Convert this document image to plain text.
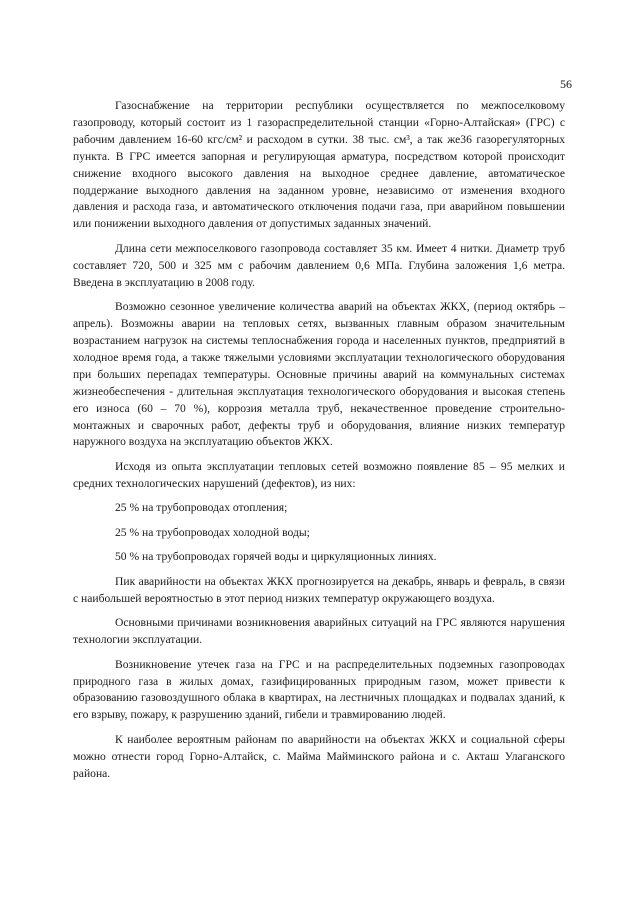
56

Газоснабжение на территории республики осуществляется по межпоселковому газопроводу, который состоит из 1 газораспределительной станции «Горно-Алтайская» (ГРС) с рабочим давлением 16-60 кгс/см² и расходом в сутки. 38 тыс. см³, а так же36 газорегуляторных пункта. В ГРС имеется запорная и регулирующая арматура, посредством которой происходит снижение входного высокого давления на выходное среднее давление, автоматическое поддержание выходного давления на заданном уровне, независимо от изменения входного давления и расхода газа, и автоматического отключения подачи газа, при аварийном повышении или понижении выходного давления от допустимых заданных значений.

Длина сети межпоселкового газопровода составляет 35 км. Имеет 4 нитки. Диаметр труб составляет 720, 500 и 325 мм с рабочим давлением 0,6 МПа. Глубина заложения 1,6 метра. Введена в эксплуатацию в 2008 году.

Возможно сезонное увеличение количества аварий на объектах ЖКХ, (период октябрь – апрель). Возможны аварии на тепловых сетях, вызванных главным образом значительным возрастанием нагрузок на системы теплоснабжения города и населенных пунктов, предприятий в холодное время года, а также тяжелыми условиями эксплуатации технологического оборудования при больших перепадах температуры. Основные причины аварий на коммунальных системах жизнеобеспечения - длительная эксплуатация технологического оборудования и высокая степень его износа (60 – 70 %), коррозия металла труб, некачественное проведение строительно-монтажных и сварочных работ, дефекты труб и оборудования, влияние низких температур наружного воздуха на эксплуатацию объектов ЖКХ.

Исходя из опыта эксплуатации тепловых сетей возможно появление 85 – 95 мелких и средних технологических нарушений (дефектов), из них:

25 % на трубопроводах отопления;

25 % на трубопроводах холодной воды;

50 % на трубопроводах горячей воды и циркуляционных линиях.

Пик аварийности на объектах ЖКХ прогнозируется на декабрь, январь и февраль, в связи с наибольшей вероятностью в этот период низких температур окружающего воздуха.

Основными причинами возникновения аварийных ситуаций на ГРС являются нарушения технологии эксплуатации.

Возникновение утечек газа на ГРС и на распределительных подземных газопроводах природного газа в жилых домах, газифицированных природным газом, может привести к образованию газовоздушного облака в квартирах, на лестничных площадках и подвалах зданий, к его взрыву, пожару, к разрушению зданий, гибели и травмированию людей.

К наиболее вероятным районам по аварийности на объектах ЖКХ и социальной сферы можно отнести город Горно-Алтайск, с. Майма Майминского района и с. Акташ Улаганского района.
